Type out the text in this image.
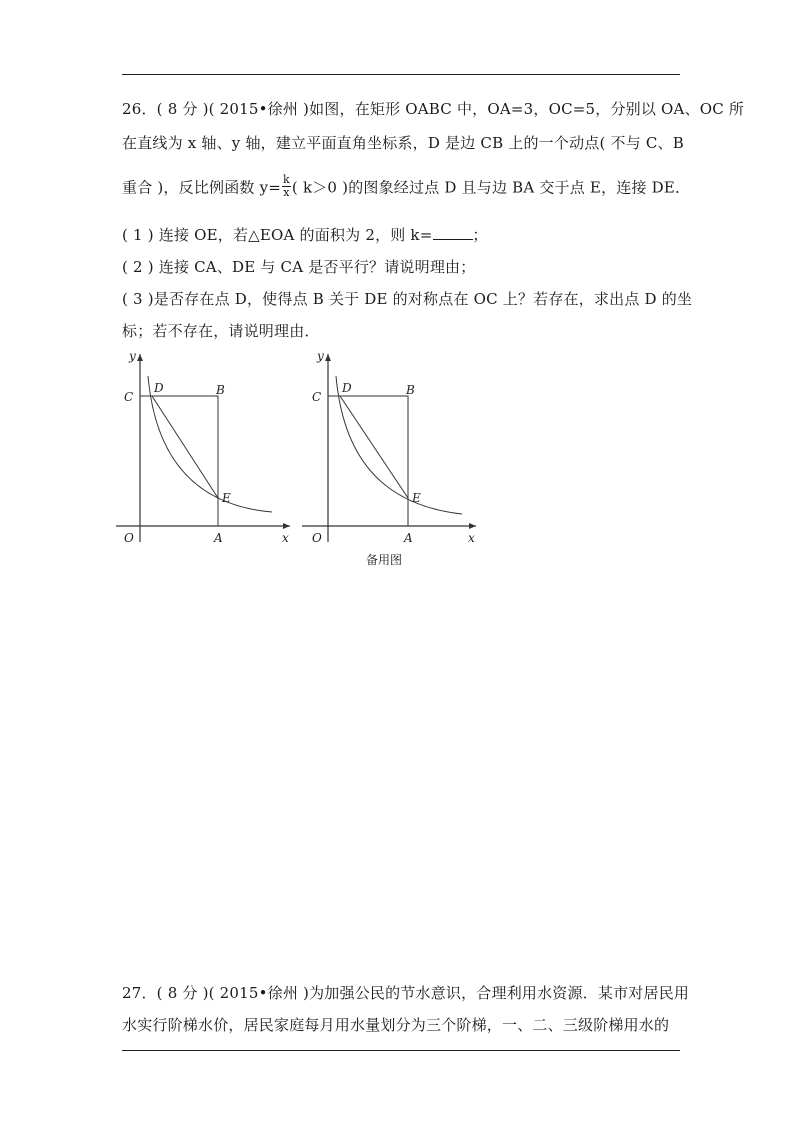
26．( 8 分 )( 2015•徐州 )如图，在矩形 OABC 中，OA=3，OC=5，分别以 OA、OC 所
在直线为 x 轴、y 轴，建立平面直角坐标系，D 是边 CB 上的一个动点( 不与 C、B
重合 )，反比例函数 $y= \frac{k}{x}$ ( k＞0 )的图象经过点 D 且与边 BA 交于点 E，连接 DE．
( 1 ) 连接 OE，若△EOA 的面积为 2，则 k=	；
( 2 ) 连接 CA、DE 与 CA 是否平行？请说明理由；
( 3 )是否存在点 D，使得点 B 关于 DE 的对称点在 OC 上？若存在，求出点 D 的坐
标；若不存在，请说明理由．
y
x
O	A
C
D	B
E
y
x
O	A
C
D	B
E
备用图
27．( 8 分 )( 2015•徐州 )为加强公民的节水意识，合理利用水资源．某市对居民用
水实行阶梯水价，居民家庭每月用水量划分为三个阶梯，一、二、三级阶梯用水的
